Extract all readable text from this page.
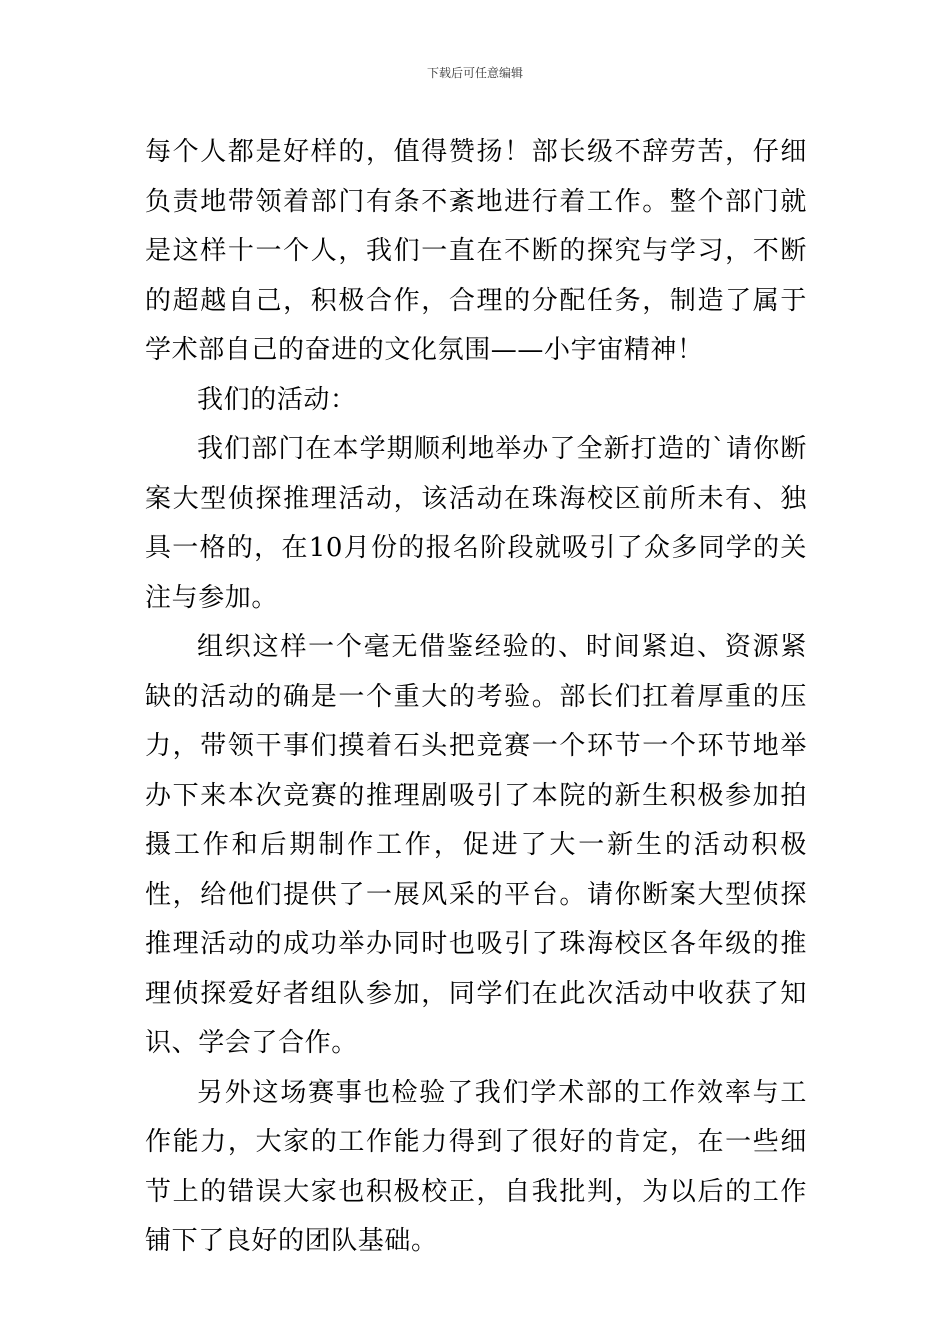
下载后可任意编辑

每个人都是好样的，值得赞扬！部长级不辞劳苦，仔细负责地带领着部门有条不紊地进行着工作。整个部门就是这样十一个人，我们一直在不断的探究与学习，不断的超越自己，积极合作，合理的分配任务，制造了属于学术部自己的奋进的文化氛围——小宇宙精神！

我们的活动：

我们部门在本学期顺利地举办了全新打造的`请你断案大型侦探推理活动，该活动在珠海校区前所未有、独具一格的，在10月份的报名阶段就吸引了众多同学的关注与参加。

组织这样一个毫无借鉴经验的、时间紧迫、资源紧缺的活动的确是一个重大的考验。部长们扛着厚重的压力，带领干事们摸着石头把竞赛一个环节一个环节地举办下来本次竞赛的推理剧吸引了本院的新生积极参加拍摄工作和后期制作工作，促进了大一新生的活动积极性，给他们提供了一展风采的平台。请你断案大型侦探推理活动的成功举办同时也吸引了珠海校区各年级的推理侦探爱好者组队参加，同学们在此次活动中收获了知识、学会了合作。

另外这场赛事也检验了我们学术部的工作效率与工作能力，大家的工作能力得到了很好的肯定，在一些细节上的错误大家也积极校正，自我批判，为以后的工作铺下了良好的团队基础。
